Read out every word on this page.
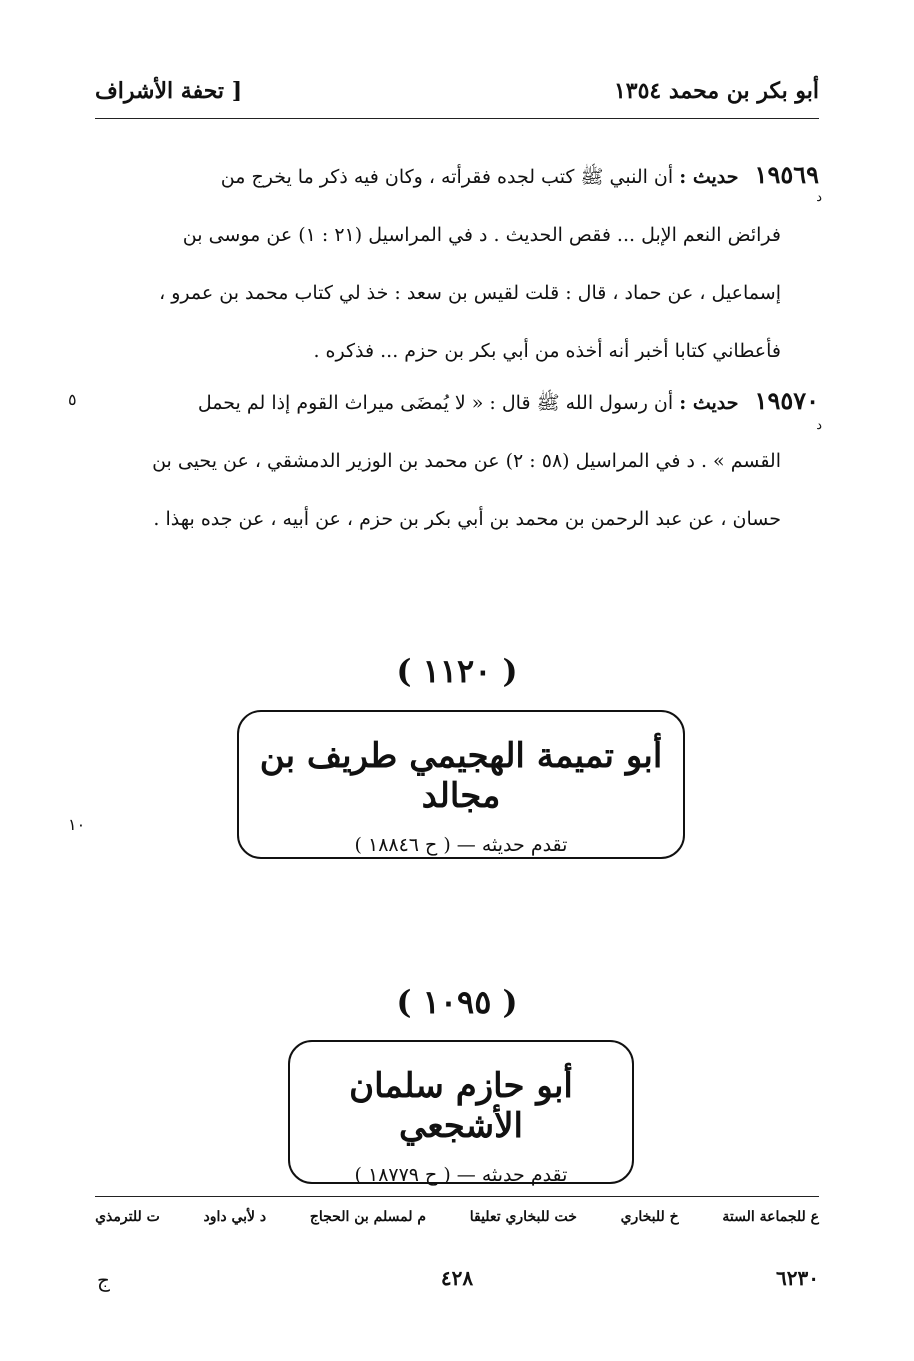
أبو بكر بن محمد ١٣٥٤
[ تحفة الأشراف
١٩٥٦٩ حديث : أن النبي ﷺ كتب لجده فقرأته ، وكان فيه ذكر ما يخرج من
فرائض النعم الإبل ... فقص الحديث . د في المراسيل (٢١ : ١) عن موسى بن
إسماعيل ، عن حماد ، قال : قلت لقيس بن سعد : خذ لي كتاب محمد بن عمرو ،
فأعطاني كتابا أخبر أنه أخذه من أبي بكر بن حزم ... فذكره .
د
١٩٥٧٠ حديث : أن رسول الله ﷺ قال : « لا يُمضَى ميراث القوم إذا لم يحمل
القسم » . د في المراسيل (٥٨ : ٢) عن محمد بن الوزير الدمشقي ، عن يحيى بن
حسان ، عن عبد الرحمن بن محمد بن أبي بكر بن حزم ، عن أبيه ، عن جده بهذا .
د
٥
( ١١٢٠ )
أبو تميمة الهجيمي طريف بن مجالد
تقدم حديثه — ( ح ١٨٨٤٦ )
١٠
( ١٠٩٥ )
أبو حازم سلمان الأشجعي
تقدم حديثه — ( ح ١٨٧٧٩ )
ع للجماعة الستة
خ للبخاري
خت للبخاري تعليقا
م لمسلم بن الحجاج
د لأبي داود
ت للترمذي
٦٢٣٠
٤٢٨
ج
